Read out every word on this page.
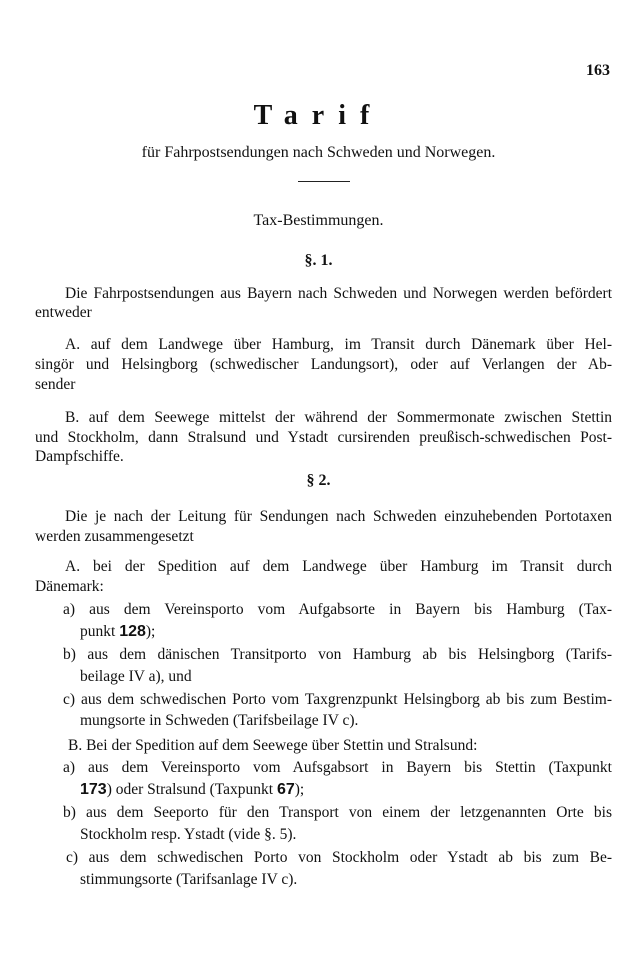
163
Tarif
für Fahrpostsendungen nach Schweden und Norwegen.
Tax-Bestimmungen.
§. 1.
Die Fahrpostsendungen aus Bayern nach Schweden und Norwegen werden befördert
entweder
A. auf dem Landwege über Hamburg, im Transit durch Dänemark über Hel-
singör und Helsingborg (schwedischer Landungsort), oder auf Verlangen der Ab-
sender
B. auf dem Seewege mittelst der während der Sommermonate zwischen Stettin
und Stockholm, dann Stralsund und Ystadt cursirenden preußisch-schwedischen Post-
Dampfschiffe.
§ 2.
Die je nach der Leitung für Sendungen nach Schweden einzuhebenden Portotaxen
werden zusammengesetzt
A. bei der Spedition auf dem Landwege über Hamburg im Transit durch
Dänemark:
a) aus dem Vereinsporto vom Aufgabsorte in Bayern bis Hamburg (Tax-
punkt 128);
b) aus dem dänischen Transitporto von Hamburg ab bis Helsingborg (Tarifs-
beilage IV a), und
c) aus dem schwedischen Porto vom Taxgrenzpunkt Helsingborg ab bis zum Bestim-
mungsorte in Schweden (Tarifsbeilage IV c).
B. Bei der Spedition auf dem Seewege über Stettin und Stralsund:
a) aus dem Vereinsporto vom Aufsgabsort in Bayern bis Stettin (Taxpunkt
173) oder Stralsund (Taxpunkt 67);
b) aus dem Seeporto für den Transport von einem der letzgenannten Orte bis
Stockholm resp. Ystadt (vide §. 5).
c) aus dem schwedischen Porto von Stockholm oder Ystadt ab bis zum Be-
stimmungsorte (Tarifsanlage IV c).
